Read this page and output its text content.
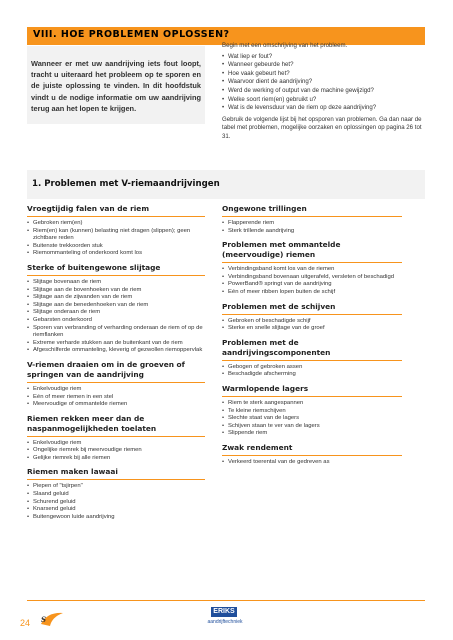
VIII. HOE PROBLEMEN OPLOSSEN?
Wanneer er met uw aandrijving iets fout loopt, tracht u uiteraard het probleem op te sporen en de juiste oplossing te vinden. In dit hoofdstuk vindt u de nodige informatie om uw aandrijving terug aan het lopen te krijgen.

Begin met een omschrijving van het probleem.

• Wat liep er fout?
• Wanneer gebeurde het?
• Hoe vaak gebeurt het?
• Waarvoor dient de aandrijving?
• Werd de werking of output van de machine gewijzigd?
• Welke soort riem(en) gebruikt u?
• Wat is de levensduur van de riem op deze aandrijving?

Gebruik de volgende lijst bij het opsporen van problemen. Ga dan naar de tabel met problemen, mogelijke oorzaken en oplossingen op pagina 26 tot 31.

1. Problemen met V-riemaandrijvingen
Vroegtijdig falen van de riem
• Gebroken riem(en)
• Riem(en) kan (kunnen) belasting niet dragen (slippen); geen zichtbare reden
• Buitenste trekkoorden stuk
• Riemommanteling of onderkoord komt los
Sterke of buitengewone slijtage
• Slijtage bovenaan de riem
• Slijtage aan de bovenhoeken van de riem
• Slijtage aan de zijwanden van de riem
• Slijtage aan de benedenhoeken van de riem
• Slijtage onderaan de riem
• Gebarsten onderkoord
• Sporen van verbranding of verharding onderaan de riem of op de riemflanken
• Extreme verharde stukken aan de buitenkant van de riem
• Afgeschilferde ommanteling, kleverig of gezwollen riemoppervlak
V-riemen draaien om in de groeven of springen van de aandrijving
• Enkelvoudige riem
• Eén of meer riemen in een stel
• Meervoudige of ommantelde riemen
Riemen rekken meer dan de naspanmogelijkheden toelaten
• Enkelvoudige riem
• Ongelijke riemrek bij meervoudige riemen
• Gelijke riemrek bij alle riemen
Riemen maken lawaai
• Piepen of "tsjirpen"
• Slaand geluid
• Schurend geluid
• Knarsend geluid
• Buitengewoon luide aandrijving
Ongewone trillingen
• Flapperende riem
• Sterk trillende aandrijving
Problemen met ommantelde (meervoudige) riemen
• Verbindingsband komt los van de riemen
• Verbindingsband bovenaan uitgerafeld, versleten of beschadigd
• PowerBand® springt van de aandrijving
• Eén of meer ribben lopen buiten de schijf
Problemen met de schijven
• Gebroken of beschadigde schijf
• Sterke en snelle slijtage van de groef
Problemen met de aandrijvingscomponenten
• Gebogen of gebroken assen
• Beschadigde afscherming
Warmlopende lagers
• Riem te sterk aangespannen
• Te kleine riemschijven
• Slechte staat van de lagers
• Schijven staan te ver van de lagers
• Slippende riem
Zwak rendement
• Verkeerd toerental van de gedreven as
24 S
ERIKS
aandrijftechniek
